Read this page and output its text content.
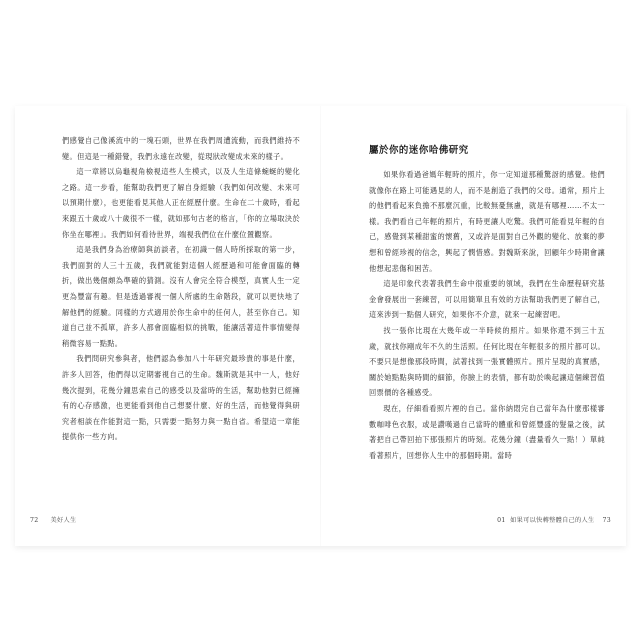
們感覺自己像溪流中的一塊石頭，世界在我們周遭流動，而我們維持不變。但這是一種錯覺，我們永遠在改變，從現狀改變成未來的樣子。

這一章將以烏龜視角檢視這些人生模式，以及人生這條蜿蜒的變化之路。這一步看，能幫助我們更了解自身經驗（我們如何改變、未來可以預期什麼），也更能看見其他人正在經歷什麼。生命在二十歲時，看起來跟五十歲或八十歲很不一樣，就如那句古老的格言，「你的立場取決於你坐在哪裡」。我們如何看待世界，端視我們位在什麼位置觀察。

這是我們身為治療師與訪談者，在初識一個人時所採取的第一步，我們面對的人三十五歲，我們就能對這個人經歷過和可能會面臨的轉折，做出幾個頗為準確的猜測。沒有人會完全符合模型，真實人生一定更為豐富有趣。但是透過審視一個人所處的生命階段，就可以更快地了解他們的經驗。同樣的方式適用於你生命中的任何人，甚至你自己。知道自己並不孤單，許多人都會面臨相似的挑戰，能讓活著這件事情變得稍微容易一點點。

我們問研究參與者，他們認為參加八十年研究最珍貴的事是什麼，許多人回答，他們得以定期審視自己的生命。魏斯就是其中一人，他好幾次提到，花幾分鐘思索自己的感受以及當時的生活，幫助他對已經擁有的心存感激，也更能看到他自己想要什麼、好的生活，而他覺得與研究者相談在作能對這一點，只需要一點努力與一點自省。希望這一章能提供你一些方向。

72 美好人生
屬於你的迷你哈佛研究

如果你看過爸媽年輕時的照片，你一定知道那種驚訝的感覺。他們就像你在路上可能遇見的人，而不是創造了我們的父母。通常，照片上的他們看起來負擔不那麼沉重，比較無憂無慮，就是有哪裡……不太一樣。我們看自己年輕的照片，有時更讓人吃驚。我們可能看見年輕的自己，感覺到某種甜蜜的懷舊，又或許是面對自己外觀的變化、放棄的夢想和曾經珍視的信念，興起了憫惜感。對魏斯來說，回顧年少時期會讓他想起悲傷和困苦。

這是印象代表著我們生命中很重要的領域，我們在生命歷程研究基金會發展出一套練習，可以用簡單且有效的方法幫助我們更了解自己，這來涉到一點個人研究，如果你不介意，就來一起練習吧。

找一張你比現在大幾年或一半時候的照片。如果你還不到三十五歲，就找你剛成年不久的生活照。任何比現在年輕很多的照片都可以。不要只是想像那段時間，試著找到一張實體照片。照片呈現的真實感，關於她點點與時間的細節，你臉上的表情，都有助於喚起讓這個練習值回票價的各種感受。

現在，仔細看看照片裡的自己。當你納悶完自己當年為什麼那樣審數咖啡色衣服，或是讚嘆過自己當時的體重和曾經豐盛的髮量之後，試著把自己帶回拍下那張照片的時刻。花幾分鐘（盡量看久一點！）單純看著照片，回想你人生中的那個時期。當時

01 如果可以快轉整體自己的人生 73
